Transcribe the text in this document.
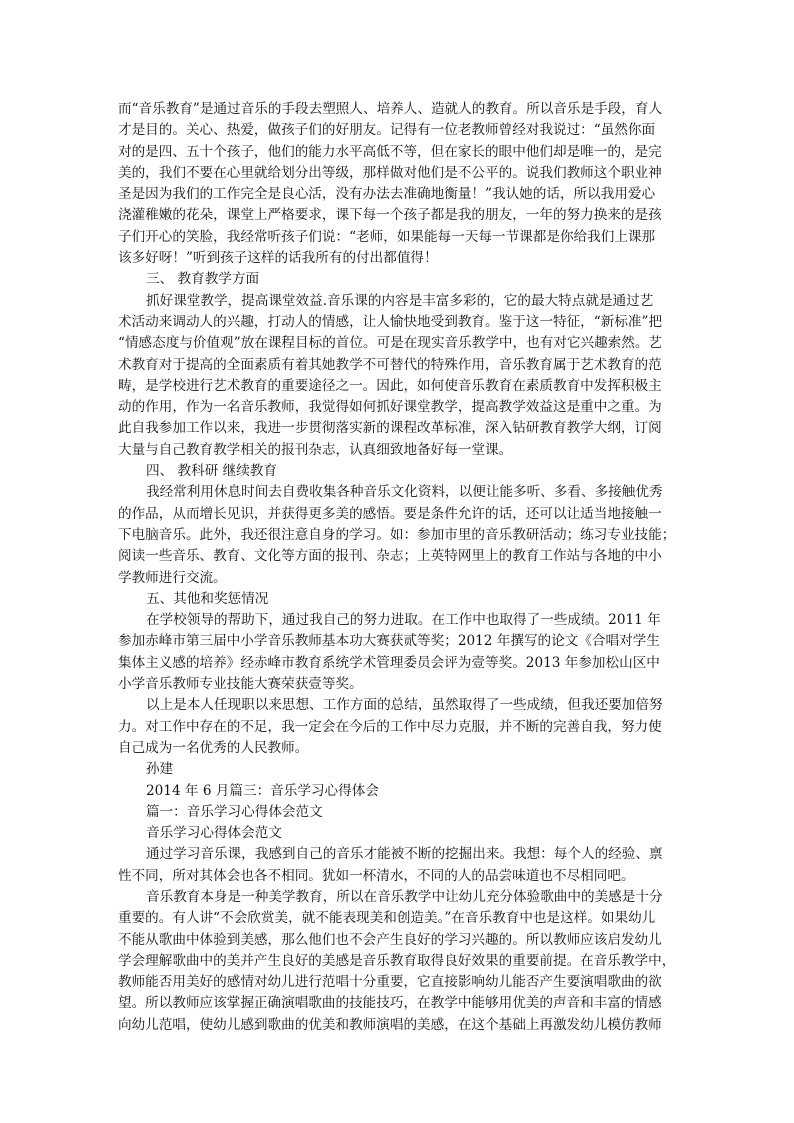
而“音乐教育”是通过音乐的手段去塑照人、培养人、造就人的教育。所以音乐是手段，育人
才是目的。关心、热爱，做孩子们的好朋友。记得有一位老教师曾经对我说过：“虽然你面
对的是四、五十个孩子，他们的能力水平高低不等，但在家长的眼中他们却是唯一的，是完
美的，我们不要在心里就给划分出等级，那样做对他们是不公平的。说我们教师这个职业神
圣是因为我们的工作完全是良心活，没有办法去准确地衡量！”我认她的话，所以我用爱心
浇灌稚嫩的花朵，课堂上严格要求，课下每一个孩子都是我的朋友，一年的努力换来的是孩
子们开心的笑脸，我经常听孩子们说：“老师，如果能每一天每一节课都是你给我们上课那
该多好呀！”听到孩子这样的话我所有的付出都值得！
三、 教育教学方面
抓好课堂教学，提高课堂效益.音乐课的内容是丰富多彩的，它的最大特点就是通过艺
术活动来调动人的兴趣，打动人的情感，让人愉快地受到教育。鉴于这一特征，“新标准”把
“情感态度与价值观”放在课程目标的首位。可是在现实音乐教学中，也有对它兴趣索然。艺
术教育对于提高的全面素质有着其她教学不可替代的特殊作用，音乐教育属于艺术教育的范
畴，是学校进行艺术教育的重要途径之一。因此，如何使音乐教育在素质教育中发挥积极主
动的作用，作为一名音乐教师，我觉得如何抓好课堂教学，提高教学效益这是重中之重。为
此自我参加工作以来，我进一步贯彻落实新的课程改革标准，深入钻研教育教学大纲，订阅
大量与自己教育教学相关的报刊杂志，认真细致地备好每一堂课。
四、 教科研 继续教育
我经常利用休息时间去自费收集各种音乐文化资料，以便让能多听、多看、多接触优秀
的作品，从而增长见识，并获得更多美的感悟。要是条件允许的话，还可以让适当地接触一
下电脑音乐。此外，我还很注意自身的学习。如：参加市里的音乐教研活动；练习专业技能；
阅读一些音乐、教育、文化等方面的报刊、杂志；上英特网里上的教育工作站与各地的中小
学教师进行交流。
五、其他和奖惩情况
在学校领导的帮助下，通过我自己的努力进取。在工作中也取得了一些成绩。2011 年
参加赤峰市第三届中小学音乐教师基本功大赛获贰等奖；2012 年撰写的论文《合唱对学生
集体主义感的培养》经赤峰市教育系统学术管理委员会评为壹等奖。2013 年参加松山区中
小学音乐教师专业技能大赛荣获壹等奖。
以上是本人任现职以来思想、工作方面的总结，虽然取得了一些成绩，但我还要加倍努
力。对工作中存在的不足，我一定会在今后的工作中尽力克服，并不断的完善自我，努力使
自己成为一名优秀的人民教师。
孙建
2014 年 6 月篇三：音乐学习心得体会
篇一：音乐学习心得体会范文
音乐学习心得体会范文
通过学习音乐课，我感到自己的音乐才能被不断的挖掘出来。我想：每个人的经验、禀
性不同，所对其体会也各不相同。犹如一杯清水，不同的人的品尝味道也不尽相同吧。
音乐教育本身是一种美学教育，所以在音乐教学中让幼儿充分体验歌曲中的美感是十分
重要的。有人讲“不会欣赏美，就不能表现美和创造美。”在音乐教育中也是这样。如果幼儿
不能从歌曲中体验到美感，那么他们也不会产生良好的学习兴趣的。所以教师应该启发幼儿
学会理解歌曲中的美并产生良好的美感是音乐教育取得良好效果的重要前提。在音乐教学中，
教师能否用美好的感情对幼儿进行范唱十分重要，它直接影响幼儿能否产生要演唱歌曲的欲
望。所以教师应该掌握正确演唱歌曲的技能技巧，在教学中能够用优美的声音和丰富的情感
向幼儿范唱，使幼儿感到歌曲的优美和教师演唱的美感，在这个基础上再激发幼儿模仿教师
